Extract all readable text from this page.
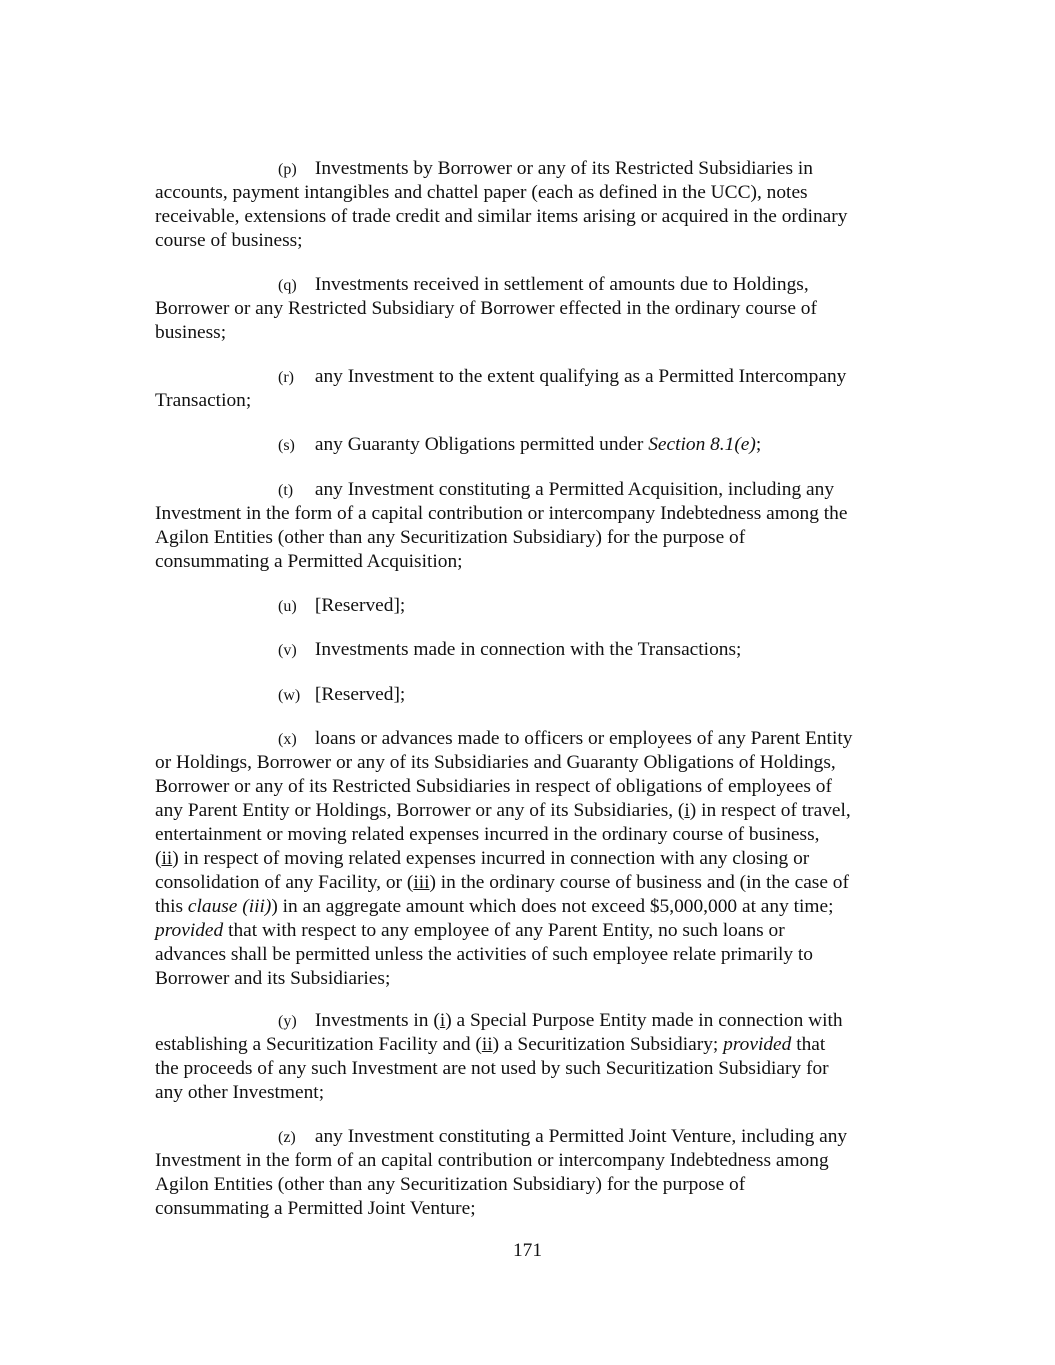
(p) Investments by Borrower or any of its Restricted Subsidiaries in
accounts, payment intangibles and chattel paper (each as defined in the UCC), notes
receivable, extensions of trade credit and similar items arising or acquired in the ordinary
course of business;
(q) Investments received in settlement of amounts due to Holdings,
Borrower or any Restricted Subsidiary of Borrower effected in the ordinary course of
business;
(r) any Investment to the extent qualifying as a Permitted Intercompany
Transaction;
(s) any Guaranty Obligations permitted under Section 8.1(e);
(t) any Investment constituting a Permitted Acquisition, including any
Investment in the form of a capital contribution or intercompany Indebtedness among the
Agilon Entities (other than any Securitization Subsidiary) for the purpose of
consummating a Permitted Acquisition;
(u) [Reserved];
(v) Investments made in connection with the Transactions;
(w) [Reserved];
(x) loans or advances made to officers or employees of any Parent Entity
or Holdings, Borrower or any of its Subsidiaries and Guaranty Obligations of Holdings,
Borrower or any of its Restricted Subsidiaries in respect of obligations of employees of
any Parent Entity or Holdings, Borrower or any of its Subsidiaries, (i) in respect of travel,
entertainment or moving related expenses incurred in the ordinary course of business,
(ii) in respect of moving related expenses incurred in connection with any closing or
consolidation of any Facility, or (iii) in the ordinary course of business and (in the case of
this clause (iii)) in an aggregate amount which does not exceed $5,000,000 at any time;
provided that with respect to any employee of any Parent Entity, no such loans or
advances shall be permitted unless the activities of such employee relate primarily to
Borrower and its Subsidiaries;
(y) Investments in (i) a Special Purpose Entity made in connection with
establishing a Securitization Facility and (ii) a Securitization Subsidiary; provided that
the proceeds of any such Investment are not used by such Securitization Subsidiary for
any other Investment;
(z) any Investment constituting a Permitted Joint Venture, including any
Investment in the form of an capital contribution or intercompany Indebtedness among
Agilon Entities (other than any Securitization Subsidiary) for the purpose of
consummating a Permitted Joint Venture;
171
